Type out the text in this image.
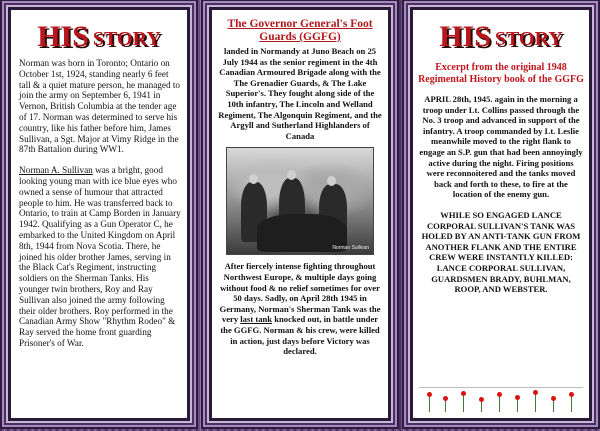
HIS STORY

Norman was born in Toronto; Ontario on October 1st, 1924, standing nearly 6 feet tall & a quiet mature person, he managed to join the army on September 6, 1941 in Vernon, British Columbia at the tender age of 17. Norman was determined to serve his country, like his father before him, James Sullivan, a Sgt. Major at Vimy Ridge in the 87th Battalion during WW1.

Norman A. Sullivan was a bright, good looking young man with ice blue eyes who owned a sense of humour that attracted people to him. He was transferred back to Ontario, to train at Camp Borden in January 1942. Qualifying as a Gun Operator C, he embarked to the United Kingdom on April 8th, 1944 from Nova Scotia. There, he joined his older brother James, serving in the Black Cat's Regiment, instructing soldiers on the Sherman Tanks. His younger twin brothers, Roy and Ray Sullivan also joined the army following their older brothers. Roy performed in the Canadian Army Show "Rhythm Rodeo" & Ray served the home front guarding Prisoner's of War.

The Governor General's Foot Guards (GGFG)
landed in Normandy at Juno Beach on 25 July 1944 as the senior regiment in the 4th Canadian Armoured Brigade along with the The Grenadier Guards, & The Lake Superior's. They fought along side of the 10th infantry, The Lincoln and Welland Regiment, The Algonquin Regiment, and the Argyll and Sutherland Highlanders of Canada
Norman Sullivan
After fiercely intense fighting throughout Northwest Europe, & multiple days going without food & no relief sometimes for over 50 days. Sadly, on April 28th 1945 in Germany, Norman's Sherman Tank was the very last tank knocked out, in battle under the GGFG. Norman & his crew, were killed in action, just days before Victory was declared.
HIS STORY
Excerpt from the original 1948 Regimental History book of the GGFG
APRIL 28th, 1945. again in the morning a troop under Lt. Collins passed through the No. 3 troop and advanced in support of the infantry. A troop commanded by Lt. Leslie meanwhile moved to the right flank to engage an S.P. gun that had been annoyingly active during the night. Firing positions were reconnoitered and the tanks moved back and forth to these, to fire at the location of the enemy gun.
WHILE SO ENGAGED LANCE CORPORAL SULLIVAN'S TANK WAS HOLED BY AN ANTI-TANK GUN FROM ANOTHER FLANK AND THE ENTIRE CREW WERE INSTANTLY KILLED: LANCE CORPORAL SULLIVAN, GUARDSMEN BRADY, BUHLMAN, ROOP, AND WEBSTER.
